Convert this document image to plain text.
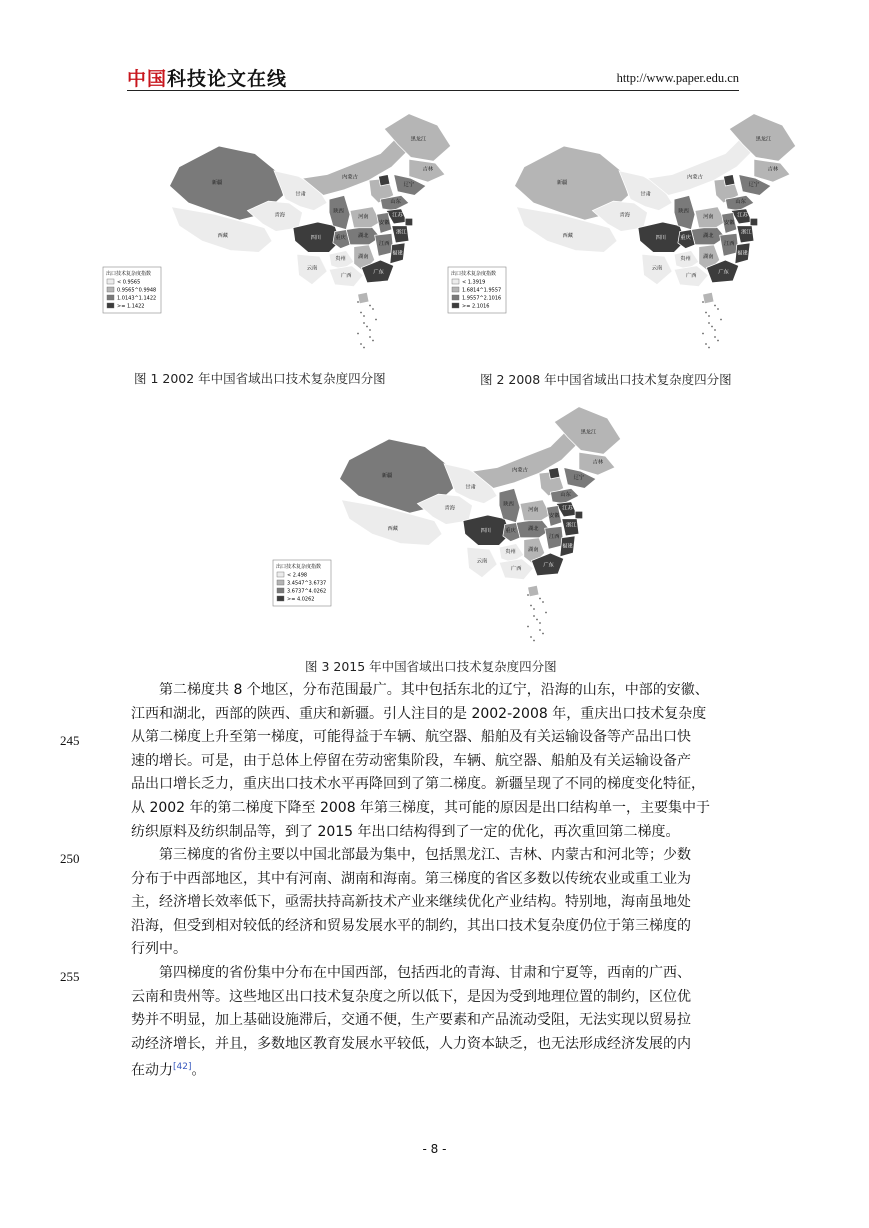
中国科技论文在线	http://www.paper.edu.cn
新疆
西藏
青海
甘肃
内蒙古
黑龙江
吉林
辽宁
四川
云南
贵州
广西
湖南
湖北
重庆
陕西
河南
山东
江苏
安徽
浙江
江西
福建
广东
出口技术复杂度指数
< 0.9565
0.9565^0.9948
1.0143^1.1422
>= 1.1422
图 1 2002 年中国省域出口技术复杂度四分图
新疆
西藏
青海
甘肃
内蒙古
黑龙江
吉林
辽宁
四川
云南
贵州
广西
湖南
湖北
重庆
陕西
河南
山东
江苏
安徽
浙江
江西
福建
广东
出口技术复杂度指数
< 1.3919
1.6814^1.9557
1.9557^2.1016
>= 2.1016
图 2 2008 年中国省域出口技术复杂度四分图
新疆
西藏
青海
甘肃
内蒙古
黑龙江
吉林
辽宁
四川
云南
贵州
广西
湖南
湖北
重庆
陕西
河南
山东
江苏
安徽
浙江
江西
福建
广东
出口技术复杂度指数
< 2.498
3.4547^3.6737
3.6737^4.0262
>= 4.0262
图 3 2015 年中国省域出口技术复杂度四分图
　　第二梯度共 8 个地区，分布范围最广。其中包括东北的辽宁，沿海的山东，中部的安徽、
江西和湖北，西部的陕西、重庆和新疆。引人注目的是 2002-2008 年，重庆出口技术复杂度
从第二梯度上升至第一梯度，可能得益于车辆、航空器、船舶及有关运输设备等产品出口快
速的增长。可是，由于总体上停留在劳动密集阶段，车辆、航空器、船舶及有关运输设备产
品出口增长乏力，重庆出口技术水平再降回到了第二梯度。新疆呈现了不同的梯度变化特征，
从 2002 年的第二梯度下降至 2008 年第三梯度，其可能的原因是出口结构单一，主要集中于
纺织原料及纺织制品等，到了 2015 年出口结构得到了一定的优化，再次重回第二梯度。
　　第三梯度的省份主要以中国北部最为集中，包括黑龙江、吉林、内蒙古和河北等；少数
分布于中西部地区，其中有河南、湖南和海南。第三梯度的省区多数以传统农业或重工业为
主，经济增长效率低下，亟需扶持高新技术产业来继续优化产业结构。特别地，海南虽地处
沿海，但受到相对较低的经济和贸易发展水平的制约，其出口技术复杂度仍位于第三梯度的
行列中。
　　第四梯度的省份集中分布在中国西部，包括西北的青海、甘肃和宁夏等，西南的广西、
云南和贵州等。这些地区出口技术复杂度之所以低下，是因为受到地理位置的制约，区位优
势并不明显，加上基础设施滞后，交通不便，生产要素和产品流动受阻，无法实现以贸易拉
动经济增长，并且，多数地区教育发展水平较低，人力资本缺乏，也无法形成经济发展的内
在动力[42]。
245
250
255
- 8 -
